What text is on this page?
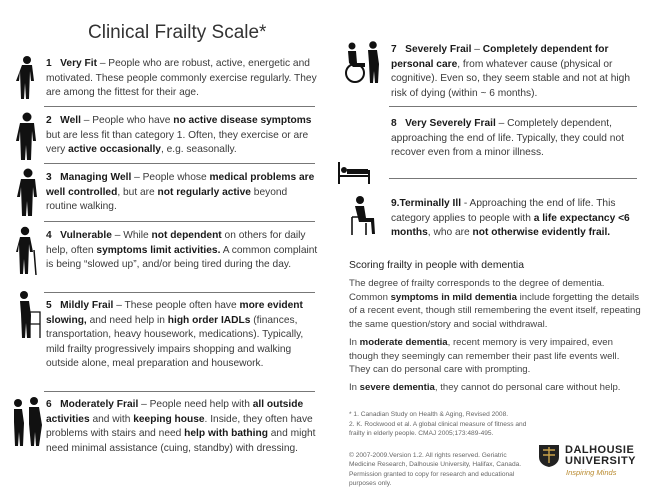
Clinical Frailty Scale*
1 Very Fit – People who are robust, active, energetic and motivated. These people commonly exercise regularly. They are among the fittest for their age.
2 Well – People who have no active disease symptoms but are less fit than category 1. Often, they exercise or are very active occasionally, e.g. seasonally.
3 Managing Well – People whose medical problems are well controlled, but are not regularly active beyond routine walking.
4 Vulnerable – While not dependent on others for daily help, often symptoms limit activities. A common complaint is being “slowed up”, and/or being tired during the day.
5 Mildly Frail – These people often have more evident slowing, and need help in high order IADLs (finances, transportation, heavy housework, medications). Typically, mild frailty progressively impairs shopping and walking outside alone, meal preparation and housework.
6 Moderately Frail – People need help with all outside activities and with keeping house. Inside, they often have problems with stairs and need help with bathing and might need minimal assistance (cuing, standby) with dressing.
7 Severely Frail – Completely dependent for personal care, from whatever cause (physical or cognitive). Even so, they seem stable and not at high risk of dying (within ~ 6 months).
8 Very Severely Frail – Completely dependent, approaching the end of life. Typically, they could not recover even from a minor illness.
9.Terminally Ill - Approaching the end of life. This category applies to people with a life expectancy <6 months, who are not otherwise evidently frail.
Scoring frailty in people with dementia
The degree of frailty corresponds to the degree of dementia. Common symptoms in mild dementia include forgetting the details of a recent event, though still remembering the event itself, repeating the same question/story and social withdrawal.
In moderate dementia, recent memory is very impaired, even though they seemingly can remember their past life events well. They can do personal care with prompting.
In severe dementia, they cannot do personal care without help.
* 1. Canadian Study on Health & Aging, Revised 2008.
2. K. Rockwood et al. A global clinical measure of fitness and frailty in elderly people. CMAJ 2005;173:489-495.
© 2007-2009.Version 1.2. All rights reserved. Geriatric Medicine Research, Dalhousie University, Halifax, Canada. Permission granted to copy for research and educational purposes only.
DALHOUSIE
UNIVERSITY
Inspiring Minds
